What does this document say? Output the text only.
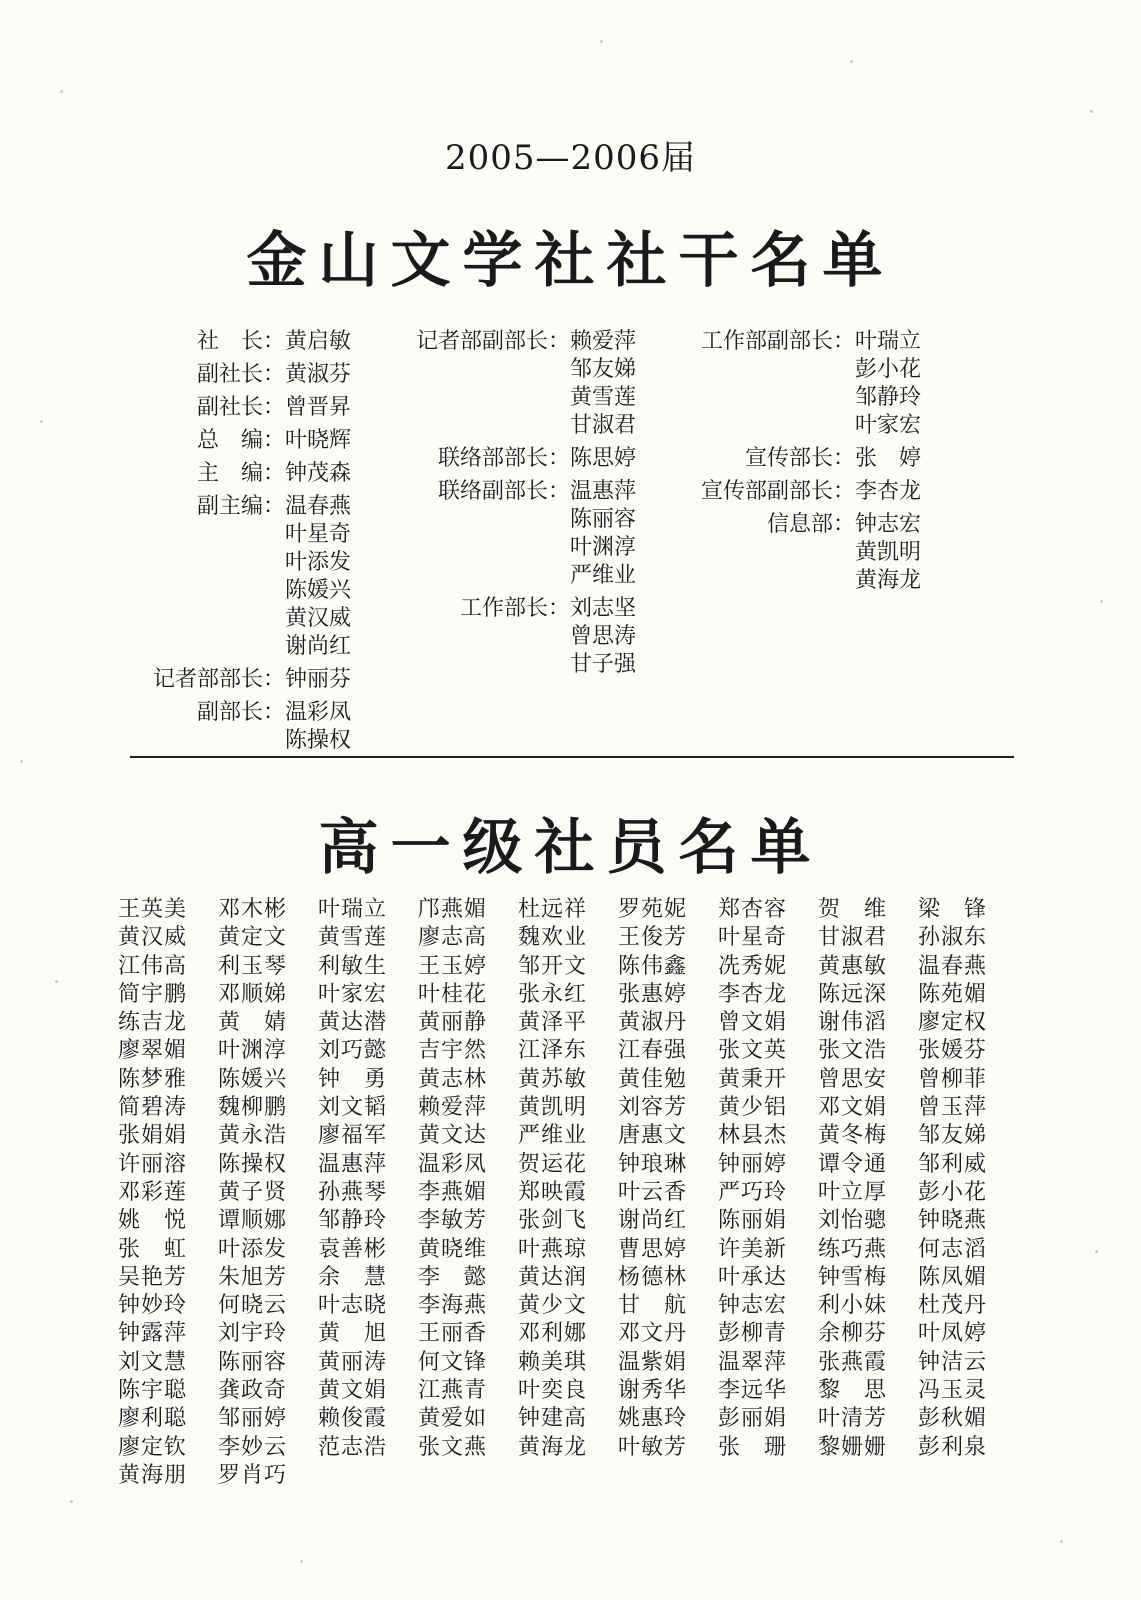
2005—2006届
金山文学社社干名单
社　长： 黄启敏
副社长： 黄淑芬
副社长： 曾晋昇
总　编： 叶晓辉
主　编： 钟茂森
副主编： 温春燕
叶星奇
叶添发
陈媛兴
黄汉威
谢尚红
记者部部长： 钟丽芬
副部长： 温彩凤
陈操权
记者部副部长： 赖爱萍
邹友娣
黄雪莲
甘淑君
联络部部长： 陈思婷
联络副部长： 温惠萍
陈丽容
叶渊淳
严维业
工作部长： 刘志坚
曾思涛
甘子强
工作部副部长： 叶瑞立
彭小花
邹静玲
叶家宏
宣传部长： 张　婷
宣传部副部长： 李杏龙
信息部： 钟志宏
黄凯明
黄海龙
高一级社员名单
王英美	邓木彬	叶瑞立	邝燕媚	杜远祥	罗苑妮	郑杏容	贺　维	梁　锋
黄汉威	黄定文	黄雪莲	廖志高	魏欢业	王俊芳	叶星奇	甘淑君	孙淑东
江伟高	利玉琴	利敏生	王玉婷	邹开文	陈伟鑫	冼秀妮	黄惠敏	温春燕
简宇鹏	邓顺娣	叶家宏	叶桂花	张永红	张惠婷	李杏龙	陈远深	陈苑媚
练吉龙	黄　婧	黄达潜	黄丽静	黄泽平	黄淑丹	曾文娟	谢伟滔	廖定权
廖翠媚	叶渊淳	刘巧懿	吉宇然	江泽东	江春强	张文英	张文浩	张媛芬
陈梦雅	陈媛兴	钟　勇	黄志林	黄苏敏	黄佳勉	黄秉开	曾思安	曾柳菲
简碧涛	魏柳鹏	刘文韬	赖爱萍	黄凯明	刘容芳	黄少铝	邓文娟	曾玉萍
张娟娟	黄永浩	廖福军	黄文达	严维业	唐惠文	林县杰	黄冬梅	邹友娣
许丽溶	陈操权	温惠萍	温彩凤	贺运花	钟琅琳	钟丽婷	谭令通	邹利威
邓彩莲	黄子贤	孙燕琴	李燕媚	郑映霞	叶云香	严巧玲	叶立厚	彭小花
姚　悦	谭顺娜	邹静玲	李敏芳	张剑飞	谢尚红	陈丽娟	刘怡骢	钟晓燕
张　虹	叶添发	袁善彬	黄晓维	叶燕琼	曹思婷	许美新	练巧燕	何志滔
吴艳芳	朱旭芳	余　慧	李　懿	黄达润	杨德林	叶承达	钟雪梅	陈凤媚
钟妙玲	何晓云	叶志晓	李海燕	黄少文	甘　航	钟志宏	利小妹	杜茂丹
钟露萍	刘宇玲	黄　旭	王丽香	邓利娜	邓文丹	彭柳青	余柳芬	叶凤婷
刘文慧	陈丽容	黄丽涛	何文锋	赖美琪	温紫娟	温翠萍	张燕霞	钟洁云
陈宇聪	龚政奇	黄文娟	江燕青	叶奕良	谢秀华	李远华	黎　思	冯玉灵
廖利聪	邹丽婷	赖俊霞	黄爱如	钟建高	姚惠玲	彭丽娟	叶清芳	彭秋媚
廖定钦	李妙云	范志浩	张文燕	黄海龙	叶敏芳	张　珊	黎姗姗	彭利泉
黄海朋	罗肖巧
